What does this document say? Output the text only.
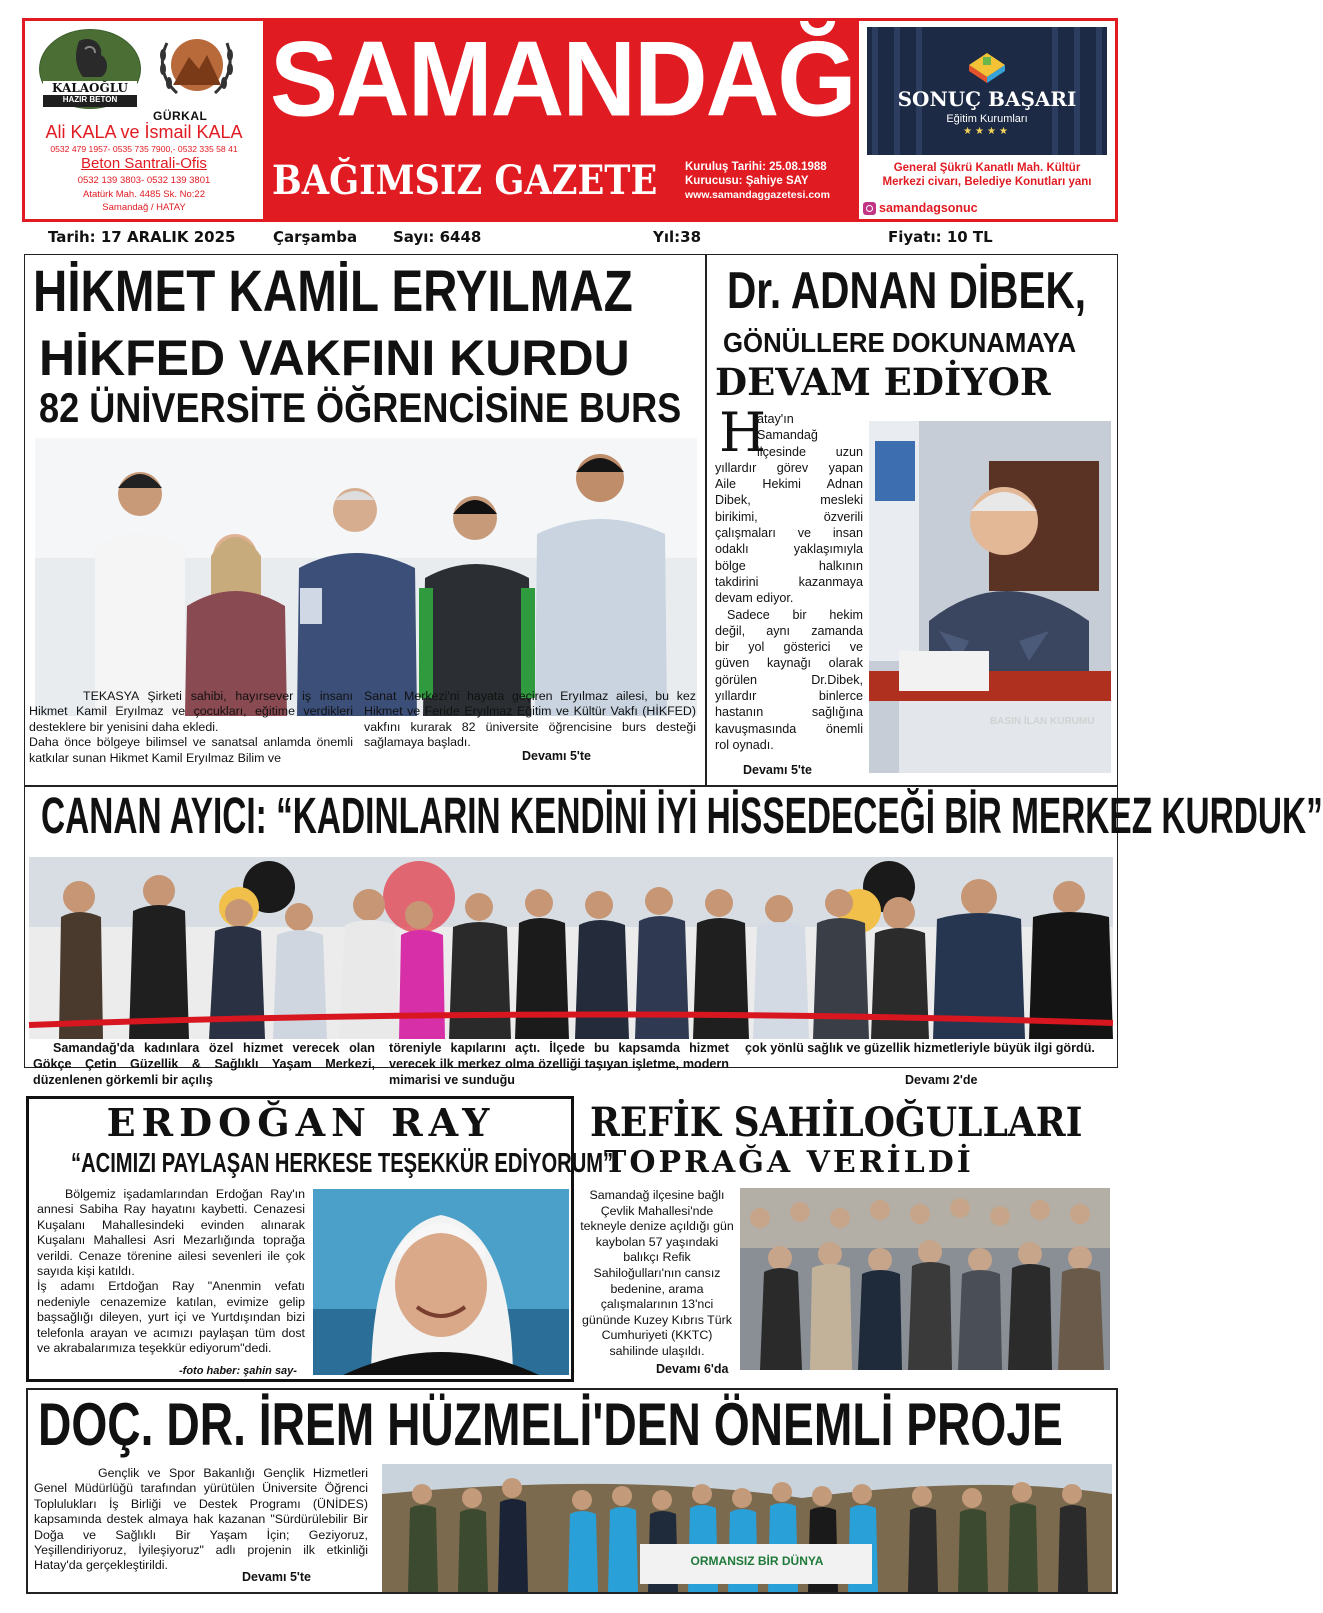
KALAOĞLU
HAZIR BETON
GÜRKAL
Ali KALA ve İsmail KALA
0532 479 1957- 0535 735 7900,- 0532 335 58 41
Beton Santrali-Ofis
0532 139 3803- 0532 139 3801
Atatürk Mah. 4485 Sk. No:22
Samandağ / HATAY
SAMANDAĞ
BAĞIMSIZ GAZETE Kuruluş Tarihi: 25.08.1988
Kurucusu: Şahiye SAY
www.samandaggazetesi.com
SONUÇ BAŞARI
Eğitim Kurumları
★★★★
General Şükrü Kanatlı Mah. Kültür Merkezi civarı, Belediye Konutları yanı
samandagsonuc
Tarih: 17 ARALIK 2025	Çarşamba Sayı: 6448	Yıl:38	Fiyatı: 10 TL
HİKMET KAMİL ERYILMAZ
HİKFED VAKFINI KURDU
82 ÜNİVERSİTE ÖĞRENCİSİNE BURS
TEKASYA Şirketi sahibi, hayırsever iş insanı Hikmet Kamil Eryılmaz ve çocukları, eğitime verdikleri desteklere bir yenisini daha ekledi.
Daha önce bölgeye bilimsel ve sanatsal anlamda önemli katkılar sunan Hikmet Kamil Eryılmaz Bilim ve
Sanat Merkezi'ni hayata geçiren Eryılmaz ailesi, bu kez Hikmet ve Feride Eryılmaz Eğitim ve Kültür Vakfı (HİKFED) vakfını kurarak 82 üniversite öğrencisine burs desteği sağlamaya başladı.
Devamı 5'te
Dr. ADNAN DİBEK,
GÖNÜLLERE DOKUNAMAYA
DEVAM EDİYOR
H
atay'ın
Samandağ
ilçesinde uzun
yıllardır görev yapan
Aile Hekimi Adnan
Dibek, mesleki
birikimi, özverili
çalışmaları ve insan
odaklı yaklaşımıyla
bölge halkının
takdirini kazanmaya
devam ediyor.
Sadece bir hekim
değil, aynı zamanda
bir yol gösterici ve
güven kaynağı olarak
görülen Dr.Dibek,
yıllardır binlerce
hastanın sağlığına
kavuşmasında önemli
rol oynadı.
Devamı 5'te
CANAN AYICI: “KADINLARIN KENDİNİ İYİ HİSSEDECEĞİ BİR MERKEZ KURDUK”
Samandağ'da kadınlara özel hizmet verecek olan Gökçe Çetin Güzellik & Sağlıklı Yaşam Merkezi, düzenlenen görkemli bir açılış
töreniyle kapılarını açtı. İlçede bu kapsamda hizmet verecek ilk merkez olma özelliği taşıyan işletme, modern mimarisi ve sunduğu
çok yönlü sağlık ve güzellik hizmetleriyle büyük ilgi gördü.
Devamı 2'de
ERDOĞAN RAY
“ACIMIZI PAYLAŞAN HERKESE TEŞEKKÜR EDİYORUM”
Bölgemiz işadamlarından Erdoğan Ray'ın annesi Sabiha Ray hayatını kaybetti. Cenazesi Kuşalanı Mahallesindeki evinden alınarak Kuşalanı Mahallesi Asri Mezarlığında toprağa verildi. Cenaze törenine ailesi sevenleri ile çok sayıda kişi katıldı.
İş adamı Ertdoğan Ray "Anenmin vefatı nedeniyle cenazemize katılan, evimize gelip başsağlığı dileyen, yurt içi ve Yurtdışından bizi telefonla arayan ve acımızı paylaşan tüm dost ve akrabalarımıza teşekkür ediyorum"dedi.
-foto haber: şahin say-
REFİK SAHİLOĞULLARI
TOPRAĞA VERİLDİ
Samandağ ilçesine bağlı Çevlik Mahallesi'nde tekneyle denize açıldığı gün kaybolan 57 yaşındaki balıkçı Refik Sahiloğulları'nın cansız bedenine, arama çalışmalarının 13'nci gününde Kuzey Kıbrıs Türk Cumhuriyeti (KKTC) sahilinde ulaşıldı.
Devamı 6'da
DOÇ. DR. İREM HÜZMELİ'DEN ÖNEMLİ PROJE
Gençlik ve Spor Bakanlığı Gençlik Hizmetleri Genel Müdürlüğü tarafından yürütülen Üniversite Öğrenci Toplulukları İş Birliği ve Destek Programı (ÜNİDES) kapsamında destek almaya hak kazanan "Sürdürülebilir Bir Doğa ve Sağlıklı Bir Yaşam İçin; Geziyoruz, Yeşillendiriyoruz, İyileşiyoruz" adlı projenin ilk etkinliği Hatay'da gerçekleştirildi.
Devamı 5'te
ORMANSIZ BİR DÜNYA
BASIN İLAN KURUMU
